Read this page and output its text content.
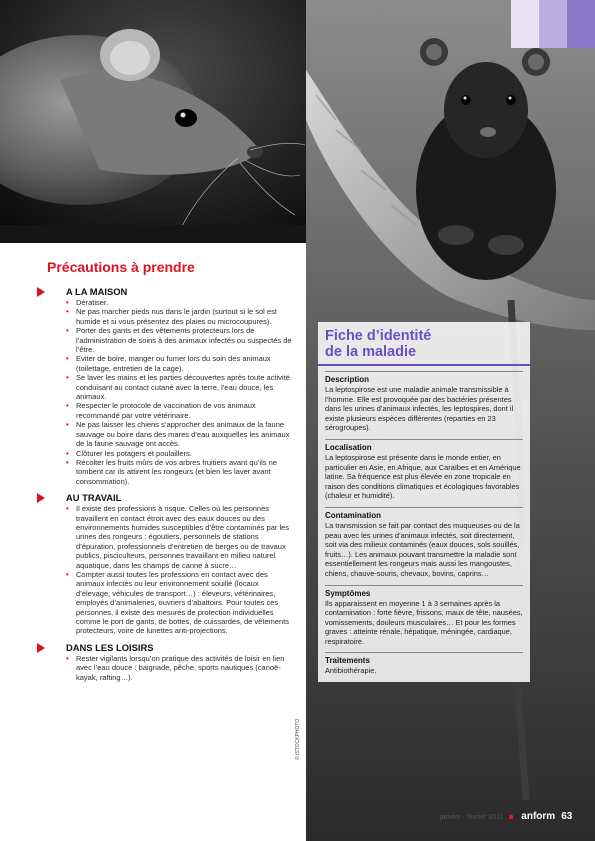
Précautions à prendre
A LA MAISON
• Dératiser.
• Ne pas marcher pieds nus dans le jardin (surtout si le sol est humide et si vous présentez des plaies ou microcoupures).
• Porter des gants et des vêtements protecteurs lors de l’administration de soins à des animaux infectés ou suspectés de l’être.
• Eviter de boire, manger ou fumer lors du soin des animaux (toilettage, entretien de la cage).
• Se laver les mains et les parties découvertes après toute activité conduisant au contact cutané avec la terre, l’eau douce, les animaux.
• Respecter le protocole de vaccination de vos animaux recommandé par votre vétérinaire.
• Ne pas laisser les chiens s’approcher des animaux de la faune sauvage ou boire dans des mares d’eau auxquelles les animaux de la faune sauvage ont accès.
• Clôturer les potagers et poulaillers.
• Récolter les fruits mûrs de vos arbres fruitiers avant qu’ils ne tombent car ils attirent les rongeurs (et bien les laver avant consommation).
AU TRAVAIL
• Il existe des professions à risque. Celles où les personnes travaillent en contact étroit avec des eaux douces ou des environnements humides susceptibles d’être contaminés par les urines des rongeurs : égoutiers, personnels de stations d’épuration, professionnels d’entretien de berges ou de travaux publics, pisciculteurs, personnes travaillant en milieu naturel aquatique, dans les champs de canne à sucre…
• Compter aussi toutes les professions en contact avec des animaux infectés ou leur environnement souillé (locaux d’élevage, véhicules de transport…) : éleveurs, vétérinaires, employés d’animaleries, ouvriers d’abattoirs. Pour toutes ces personnes, il existe des mesures de protection individuelles comme le port de gants, de bottes, de cuissardes, de vêtements protecteurs, voire de lunettes anti-projections.
DANS LES LOISIRS
• Rester vigilants lorsqu’on pratique des activités de loisir en lien avec l’eau douce : baignade, pêche, sports nautiques (canoë-kayak, rafting…).
Fiche d’identité
de la maladie
Description

La leptospirose est une maladie animale transmissible à l’homme. Elle est provoquée par des bactéries présentes dans les urines d’animaux infectés, les leptospires, dont il existe plusieurs espèces différentes (reparties en 23 sérogroupes).

Localisation

La leptospirose est présente dans le monde entier, en particulier en Asie, en Afrique, aux Caraïbes et en Amérique latine. Sa fréquence est plus élevée en zone tropicale en raison des conditions climatiques et écologiques favorables (chaleur et humidité).

Contamination

La transmission se fait par contact des muqueuses ou de la peau avec les urines d’animaux infectés, soit directement, soit via des milieux contaminés (eaux douces, sols souillés, fruits…). Les animaux pouvant transmettre la maladie sont essentiellement les rongeurs mais aussi les mangoustes, chiens, chauve-souris, chevaux, bovins, caprins…

Symptômes

Ils apparaissent en moyenne 1 à 3 semaines après la contamination : forte fièvre, frissons, maux de tête, nausées, vomissements, douleurs musculaires… Et pour les formes graves : atteinte rénale, hépatique, méningée, cardiaque, respiratoire.

Traitements

Antibiothérapie.

© ISTOCKPHOTO
janvier - février 2011 anform 63
